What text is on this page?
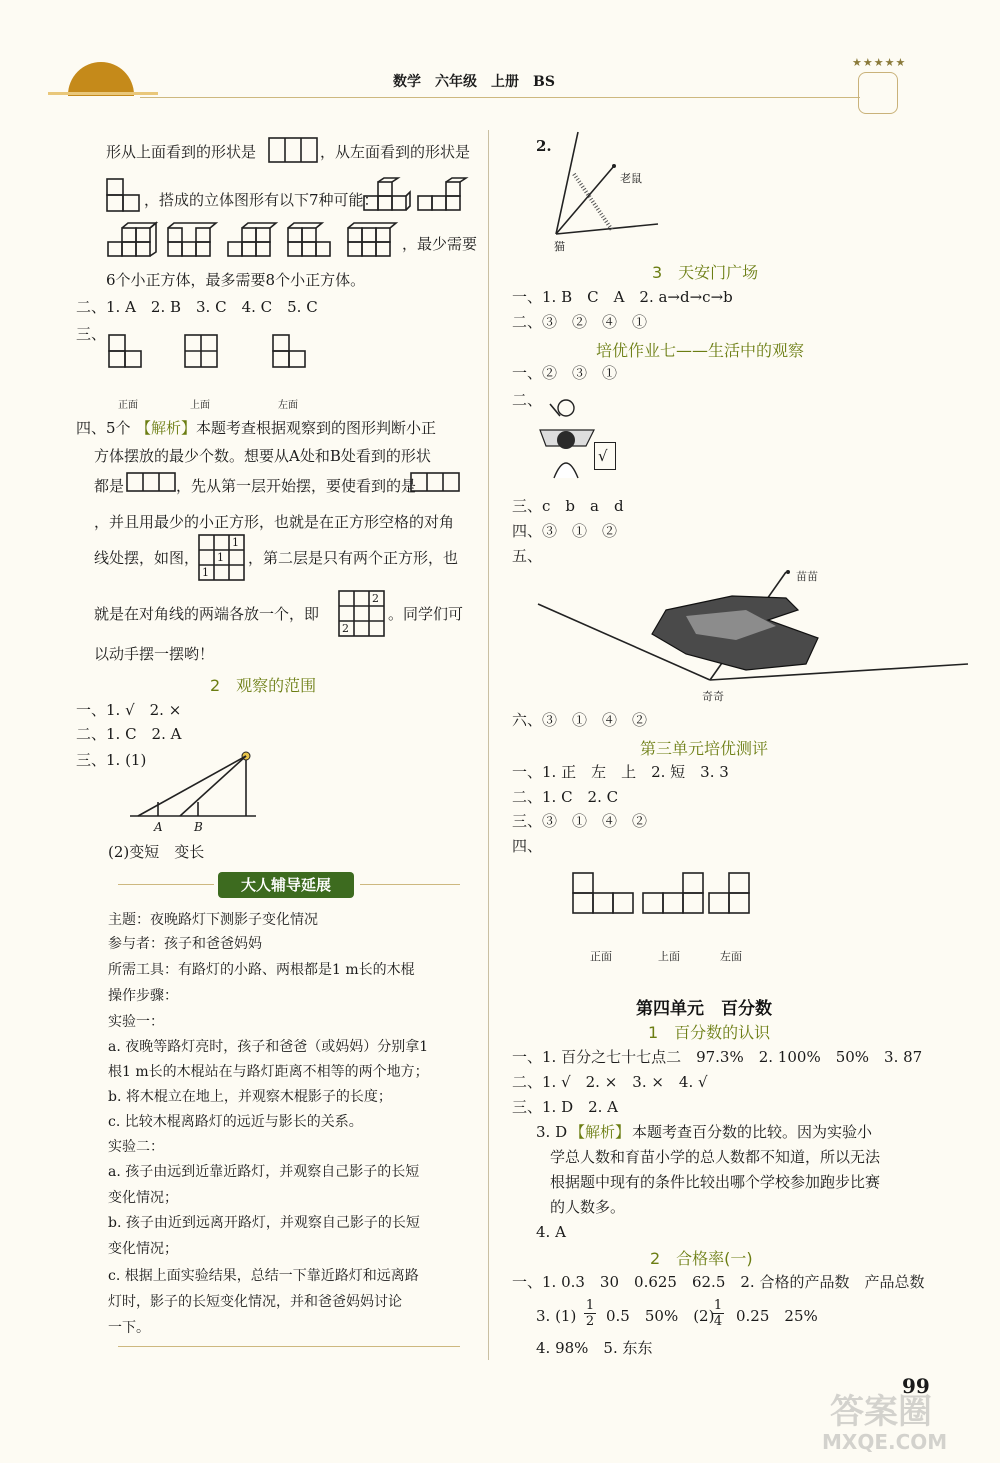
数学　六年级　上册　BS
★★★★★
形从上面看到的形状是	，从左面看到的形状是
，搭成的立体图形有以下7种可能：
，最少需要
6个小正方体，最多需要8个小正方体。
二、1. A　2. B　3. C　4. C　5. C
三、
正面	上面	左面
四、5个 【解析】 本题考查根据观察到的图形判断小正
方体摆放的最少个数。想要从A处和B处看到的形状
都是	，先从第一层开始摆，要使看到的是
，并且用最少的小正方形，也就是在正方形空格的对角
线处摆，如图，
1
1
1
，第二层是只有两个正方形，也
就是在对角线的两端各放一个，即
2
2
。同学们可
以动手摆一摆哟！
2　观察的范围
一、1. √　2. ×
二、1. C　2. A
三、1. (1)
A	B
(2)变短　变长
大人辅导延展
主题：夜晚路灯下测影子变化情况
参与者：孩子和爸爸妈妈
所需工具：有路灯的小路、两根都是1 m长的木棍
操作步骤：
实验一：
a. 夜晚等路灯亮时，孩子和爸爸（或妈妈）分别拿1
根1 m长的木棍站在与路灯距离不相等的两个地方；
b. 将木棍立在地上，并观察木棍影子的长度；
c. 比较木棍离路灯的远近与影长的关系。
实验二：
a. 孩子由远到近靠近路灯，并观察自己影子的长短
变化情况；
b. 孩子由近到远离开路灯，并观察自己影子的长短
变化情况；
c. 根据上面实验结果，总结一下靠近路灯和远离路
灯时，影子的长短变化情况，并和爸爸妈妈讨论
一下。
2.
老鼠
猫
3　天安门广场
一、1. B　C　A　2. a→d→c→b
二、③　②　④　①
培优作业七——生活中的观察
一、②　③　①
二、
√
三、c　b　a　d
四、③　①　②
五、
苗苗
奇奇
六、③　①　④　②
第三单元培优测评
一、1. 正　左　上　2. 短　3. 3
二、1. C　2. C
三、③　①　④　②
四、
正面	上面	左面
第四单元　百分数
1　百分数的认识
一、1. 百分之七十七点二　97.3%　2. 100%　50%　3. 87
二、1. √　2. ×　3. ×　4. √
三、1. D　2. A
3. D 【解析】 本题考查百分数的比较。因为实验小
学总人数和育苗小学的总人数都不知道，所以无法
根据题中现有的条件比较出哪个学校参加跑步比赛
的人数多。
4. A
2　合格率(一)
一、1. 0.3　30　0.625　62.5　2. 合格的产品数　产品总数
3. $(1) \frac{1}{2} 0.5$　50%　(2)
$\frac{1}{4} 0.25$　25%
4. 98%　5. 东东
99
答案圈
MXQE.COM
